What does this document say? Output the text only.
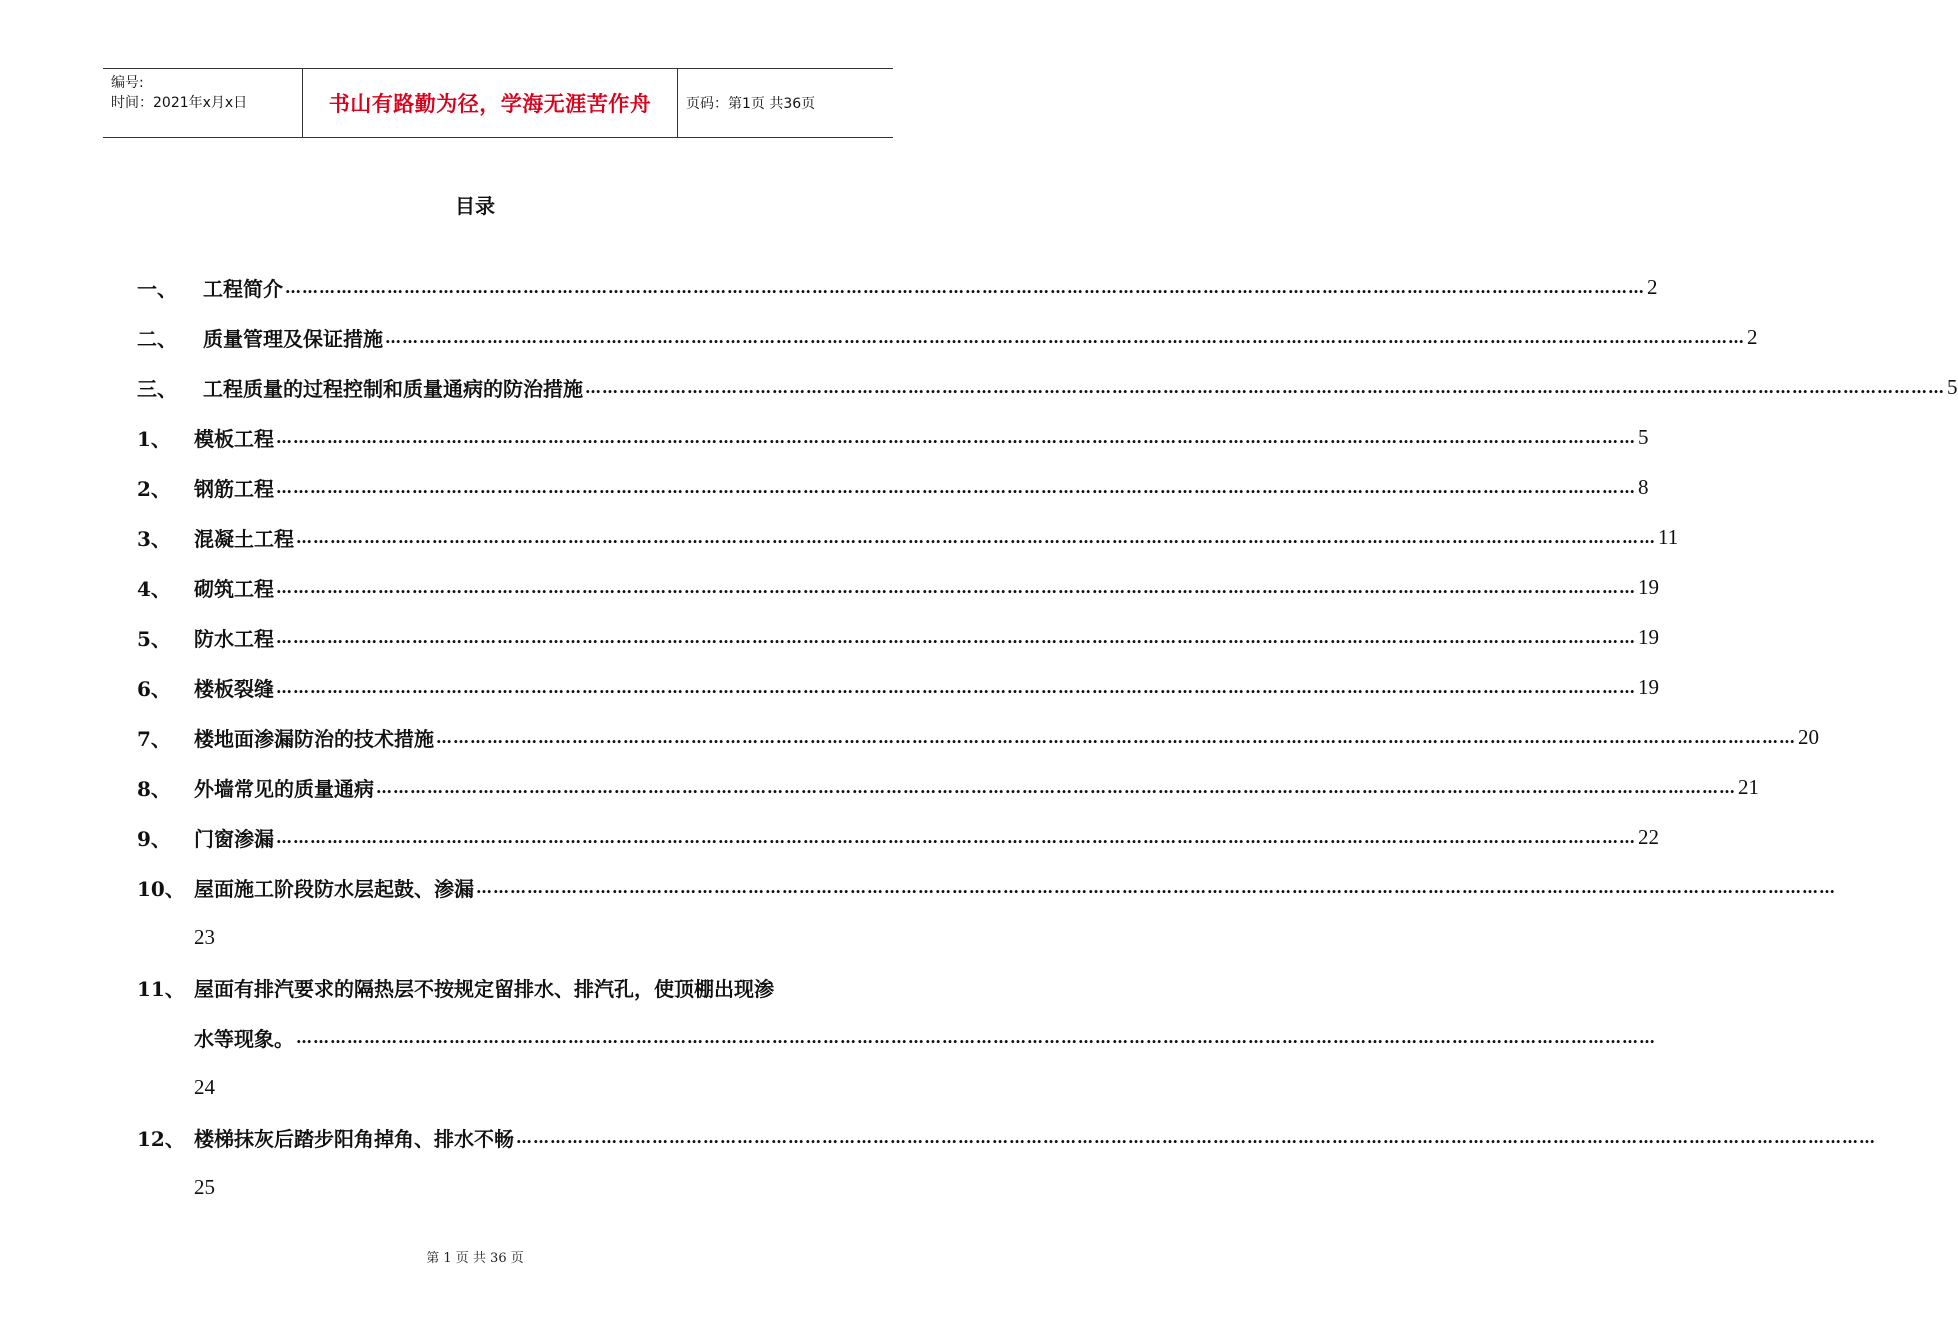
编号:
时间：2021年x月x日	书山有路勤为径，学海无涯苦作舟	页码：第1页 共36页
目录
一、	工程简介 …………………………………………………………………………………………………………………………………………………………………………………………………………………… 2
二、	质量管理及保证措施 …………………………………………………………………………………………………………………………………………………………………………………………………………………… 2
三、	工程质量的过程控制和质量通病的防治措施 …………………………………………………………………………………………………………………………………………………………………………………………………………………… 5
1、	模板工程 …………………………………………………………………………………………………………………………………………………………………………………………………………………… 5
2、	钢筋工程 …………………………………………………………………………………………………………………………………………………………………………………………………………………… 8
3、	混凝土工程 …………………………………………………………………………………………………………………………………………………………………………………………………………………… 11
4、	砌筑工程 …………………………………………………………………………………………………………………………………………………………………………………………………………………… 19
5、	防水工程 …………………………………………………………………………………………………………………………………………………………………………………………………………………… 19
6、	楼板裂缝 …………………………………………………………………………………………………………………………………………………………………………………………………………………… 19
7、	楼地面渗漏防治的技术措施 …………………………………………………………………………………………………………………………………………………………………………………………………………………… 20
8、	外墙常见的质量通病 …………………………………………………………………………………………………………………………………………………………………………………………………………………… 21
9、	门窗渗漏 …………………………………………………………………………………………………………………………………………………………………………………………………………………… 22
10、 屋面施工阶段防水层起鼓、渗漏 ……………………………………………………………………………………………………………………………………………………………………………………………………………………
23
11、 屋面有排汽要求的隔热层不按规定留排水、排汽孔，使顶棚出现渗
水等现象。 ……………………………………………………………………………………………………………………………………………………………………………………………………………………
24
12、 楼梯抹灰后踏步阳角掉角、排水不畅 ……………………………………………………………………………………………………………………………………………………………………………………………………………………
25
第 1 页 共 36 页
